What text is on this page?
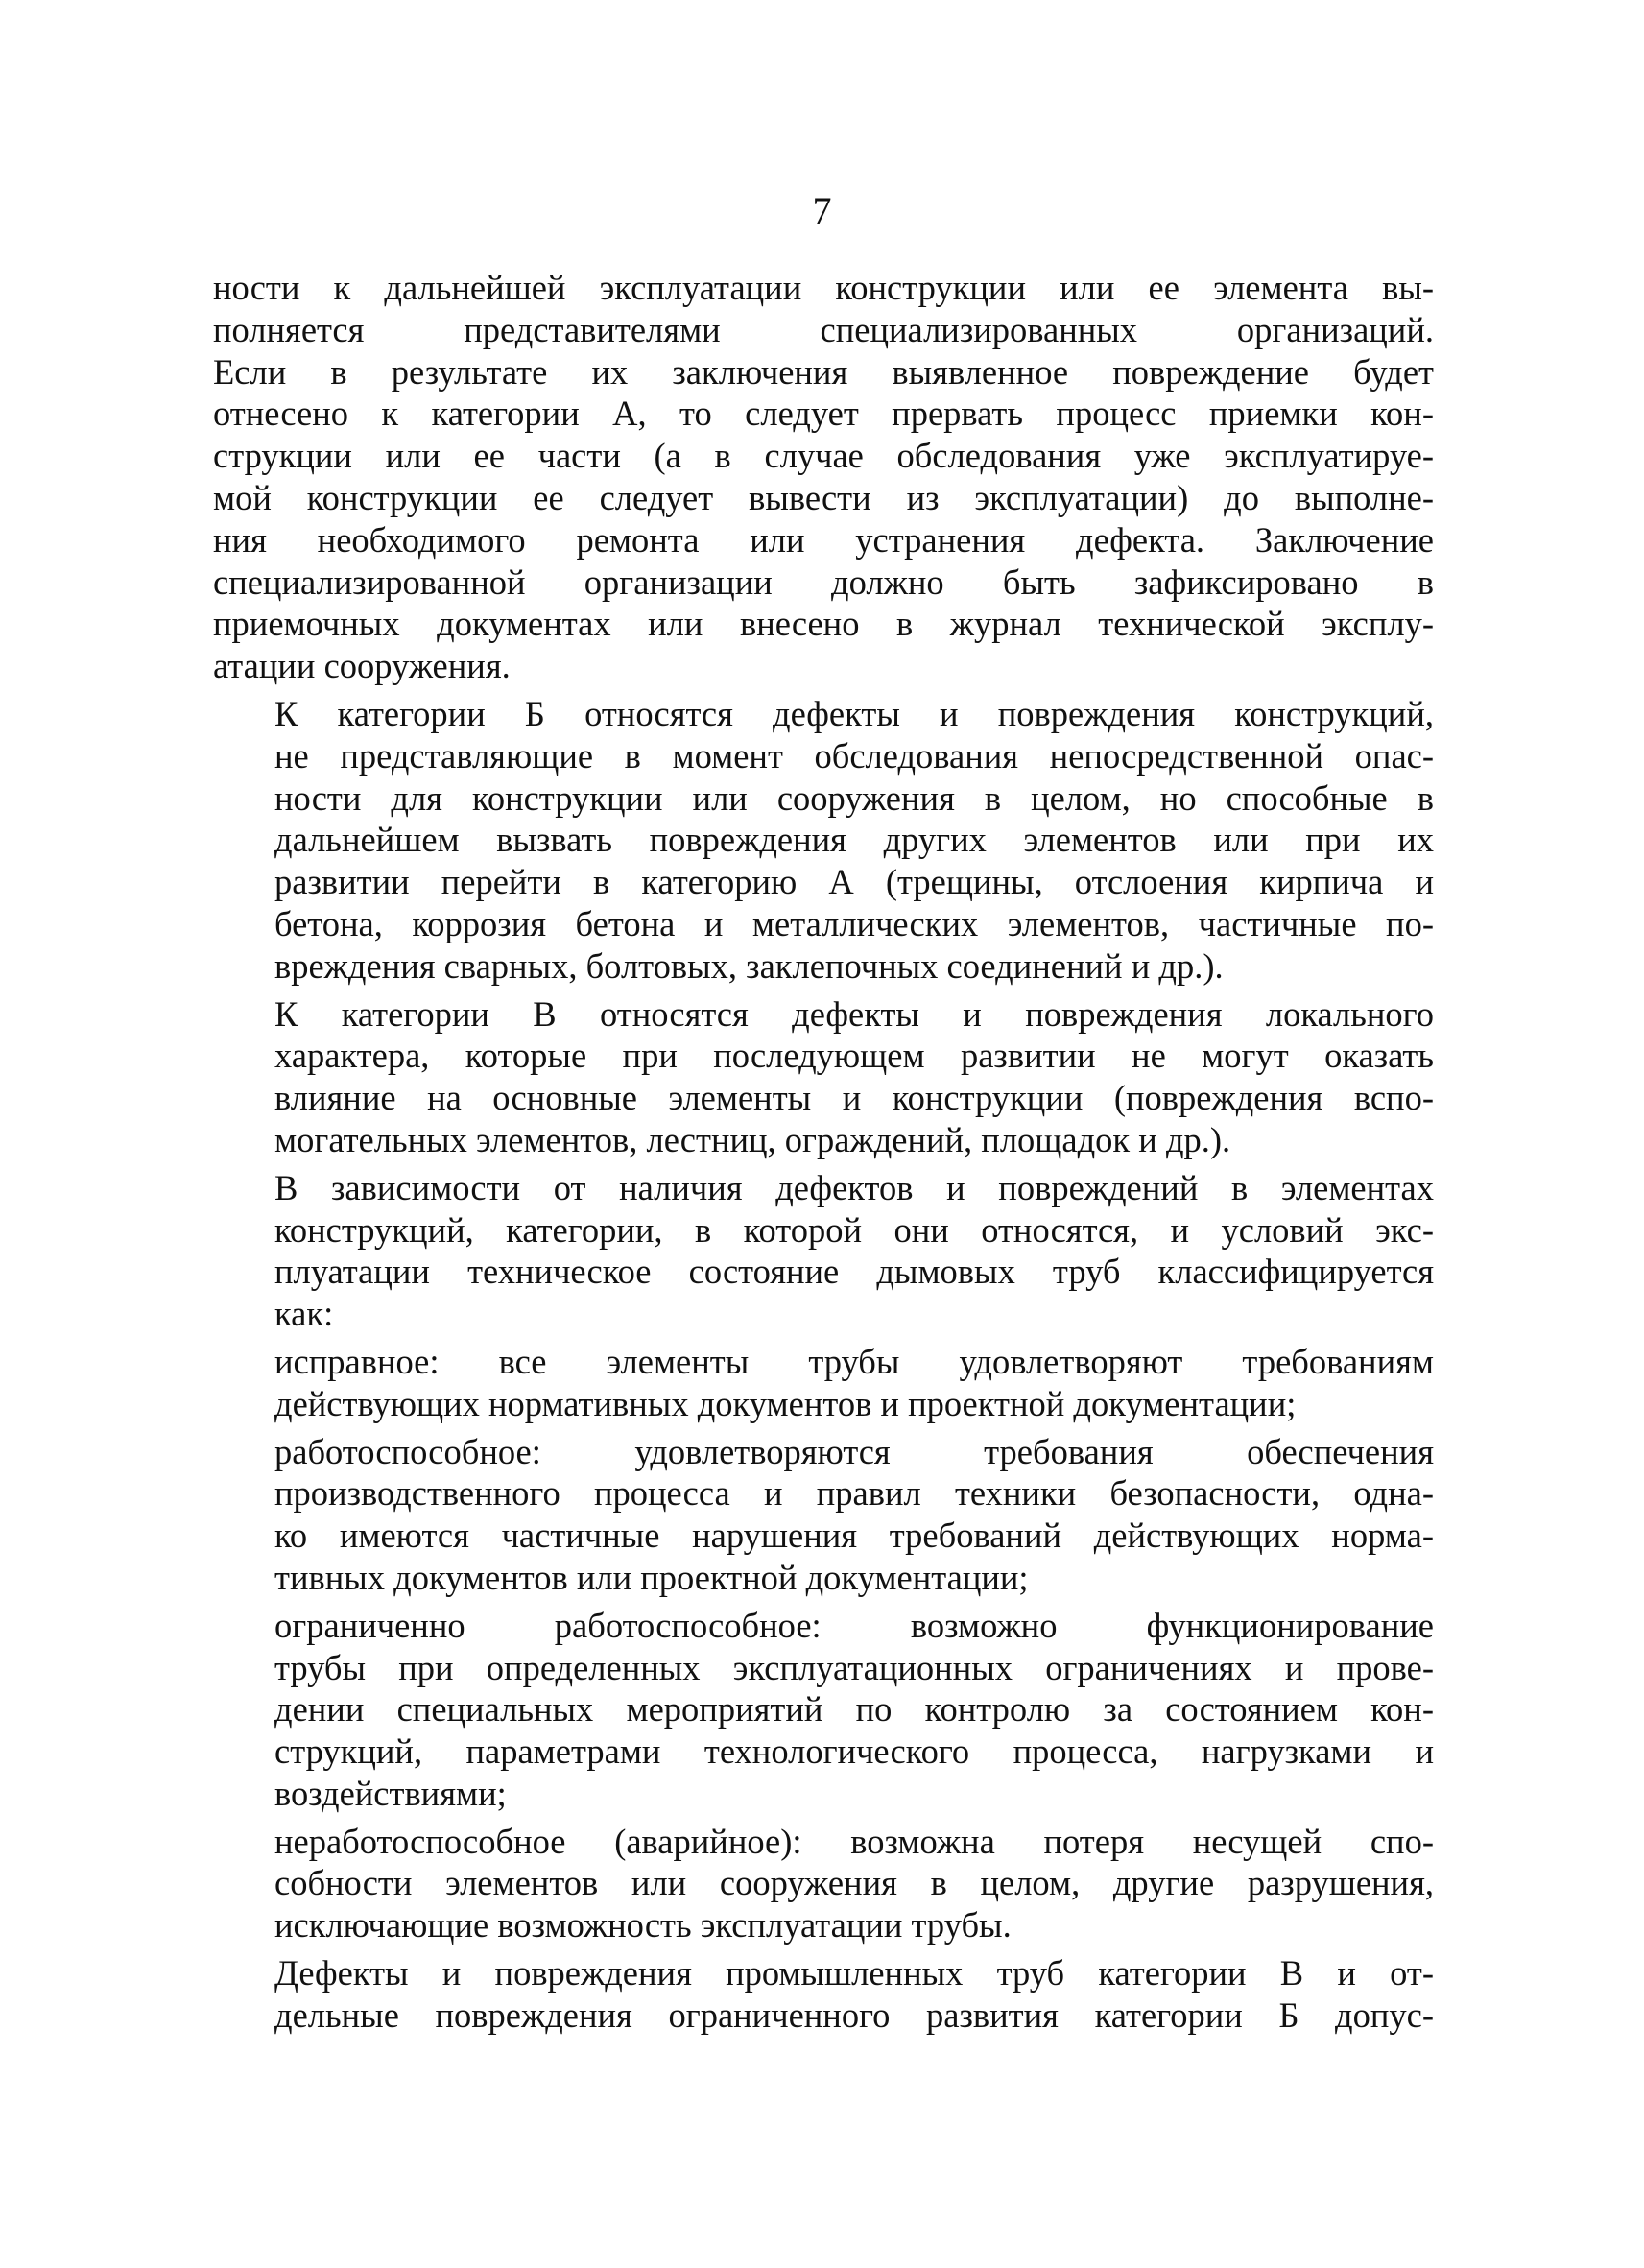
7

ности к дальнейшей эксплуатации конструкции или ее элемента вы-
полняется представителями специализированных организаций.
Если в результате их заключения выявленное повреждение будет
отнесено к категории А, то следует прервать процесс приемки кон-
струкции или ее части (а в случае обследования уже эксплуатируе-
мой конструкции ее следует вывести из эксплуатации) до выполне-
ния необходимого ремонта или устранения дефекта. Заключение
специализированной организации должно быть зафиксировано в
приемочных документах или внесено в журнал технической эксплу-
атации сооружения.

К категории Б относятся дефекты и повреждения конструкций,
не представляющие в момент обследования непосредственной опас-
ности для конструкции или сооружения в целом, но способные в
дальнейшем вызвать повреждения других элементов или при их
развитии перейти в категорию А (трещины, отслоения кирпича и
бетона, коррозия бетона и металлических элементов, частичные по-
вреждения сварных, болтовых, заклепочных соединений и др.).

К категории В относятся дефекты и повреждения локального
характера, которые при последующем развитии не могут оказать
влияние на основные элементы и конструкции (повреждения вспо-
могательных элементов, лестниц, ограждений, площадок и др.).

В зависимости от наличия дефектов и повреждений в элементах
конструкций, категории, в которой они относятся, и условий экс-
плуатации техническое состояние дымовых труб классифицируется
как:

исправное: все элементы трубы удовлетворяют требованиям
действующих нормативных документов и проектной документации;

работоспособное: удовлетворяются требования обеспечения
производственного процесса и правил техники безопасности, одна-
ко имеются частичные нарушения требований действующих норма-
тивных документов или проектной документации;

ограниченно работоспособное: возможно функционирование
трубы при определенных эксплуатационных ограничениях и прове-
дении специальных мероприятий по контролю за состоянием кон-
струкций, параметрами технологического процесса, нагрузками и
воздействиями;

неработоспособное (аварийное): возможна потеря несущей спо-
собности элементов или сооружения в целом, другие разрушения,
исключающие возможность эксплуатации трубы.

Дефекты и повреждения промышленных труб категории В и от-
дельные повреждения ограниченного развития категории Б допус-
